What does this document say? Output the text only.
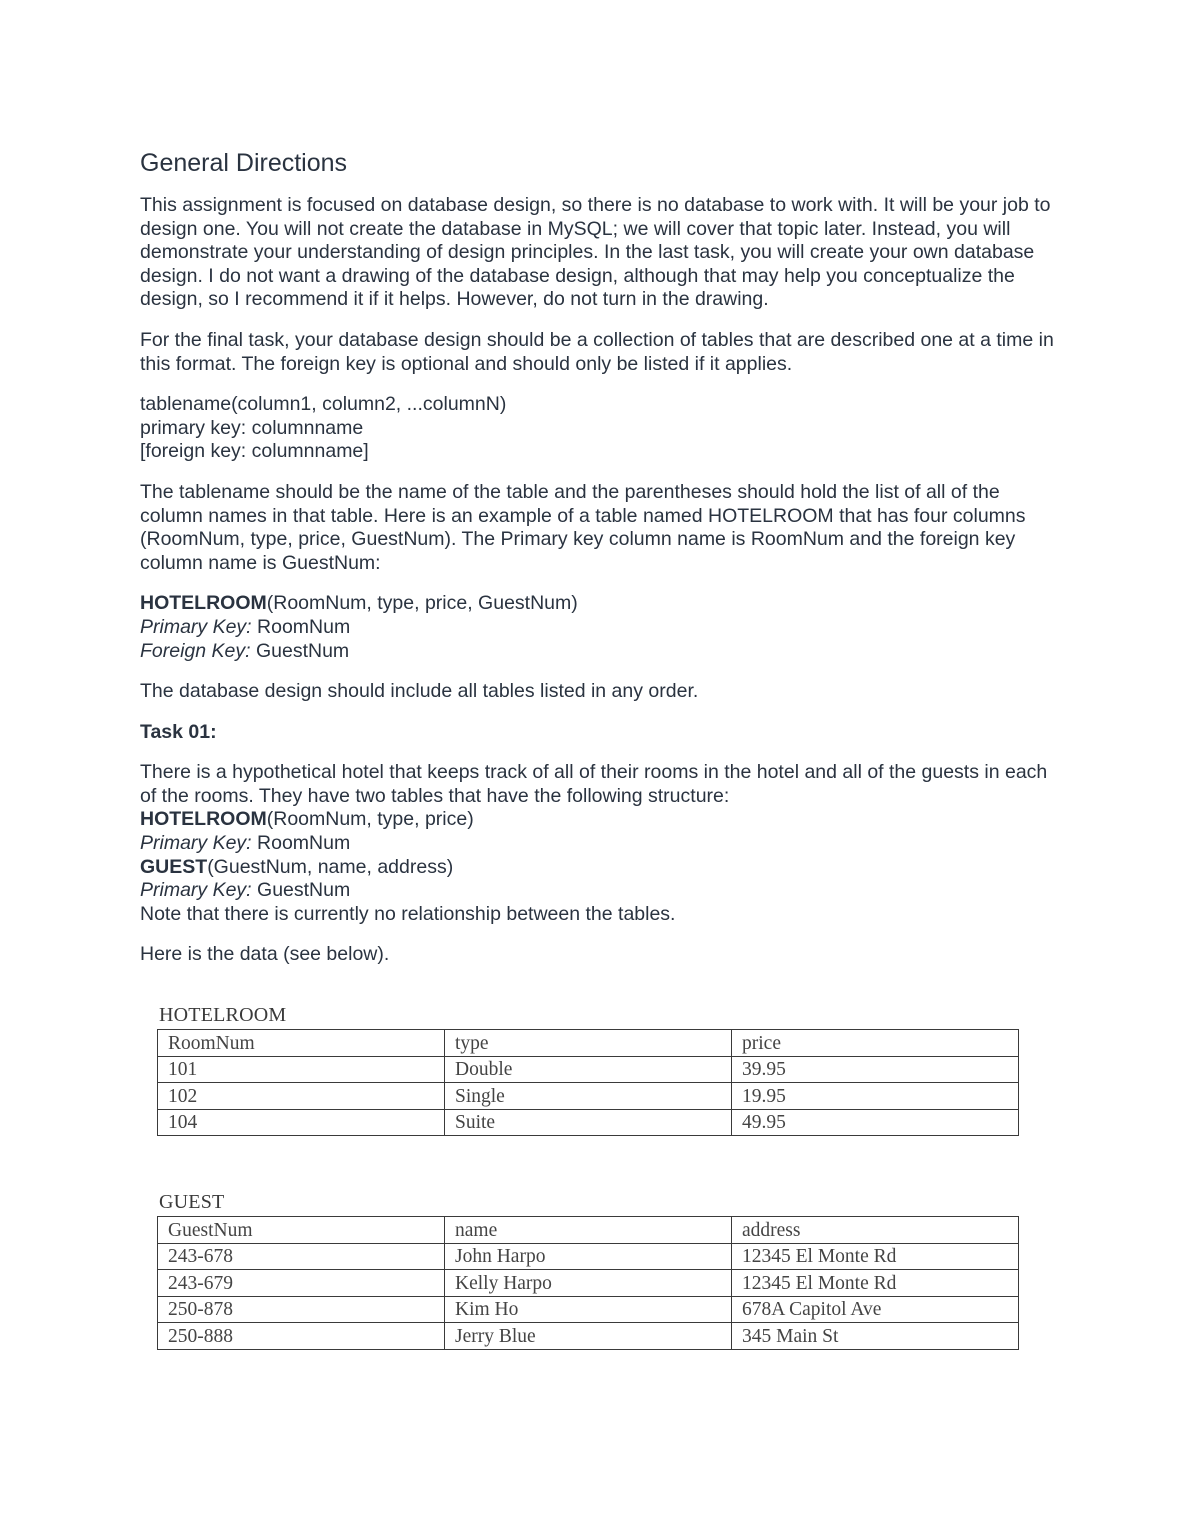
General Directions

This assignment is focused on database design, so there is no database to work with. It will be your job to design one. You will not create the database in MySQL; we will cover that topic later. Instead, you will demonstrate your understanding of design principles. In the last task, you will create your own database design. I do not want a drawing of the database design, although that may help you conceptualize the design, so I recommend it if it helps. However, do not turn in the drawing.

For the final task, your database design should be a collection of tables that are described one at a time in this format. The foreign key is optional and should only be listed if it applies.

tablename(column1, column2, ...columnN)
primary key: columnname
[foreign key: columnname]

The tablename should be the name of the table and the parentheses should hold the list of all of the column names in that table. Here is an example of a table named HOTELROOM that has four columns (RoomNum, type, price, GuestNum). The Primary key column name is RoomNum and the foreign key column name is GuestNum:

HOTELROOM(RoomNum, type, price, GuestNum)
Primary Key: RoomNum
Foreign Key: GuestNum

The database design should include all tables listed in any order.

Task 01:

There is a hypothetical hotel that keeps track of all of their rooms in the hotel and all of the guests in each of the rooms. They have two tables that have the following structure:
HOTELROOM(RoomNum, type, price)
Primary Key: RoomNum
GUEST(GuestNum, name, address)
Primary Key: GuestNum
Note that there is currently no relationship between the tables.

Here is the data (see below).

HOTELROOM
RoomNum	type	price
101	Double	39.95
102	Single	19.95
104	Suite	49.95
GUEST
GuestNum	name	address
243-678	John Harpo	12345 El Monte Rd
243-679	Kelly Harpo	12345 El Monte Rd
250-878	Kim Ho	678A Capitol Ave
250-888	Jerry Blue	345 Main St
